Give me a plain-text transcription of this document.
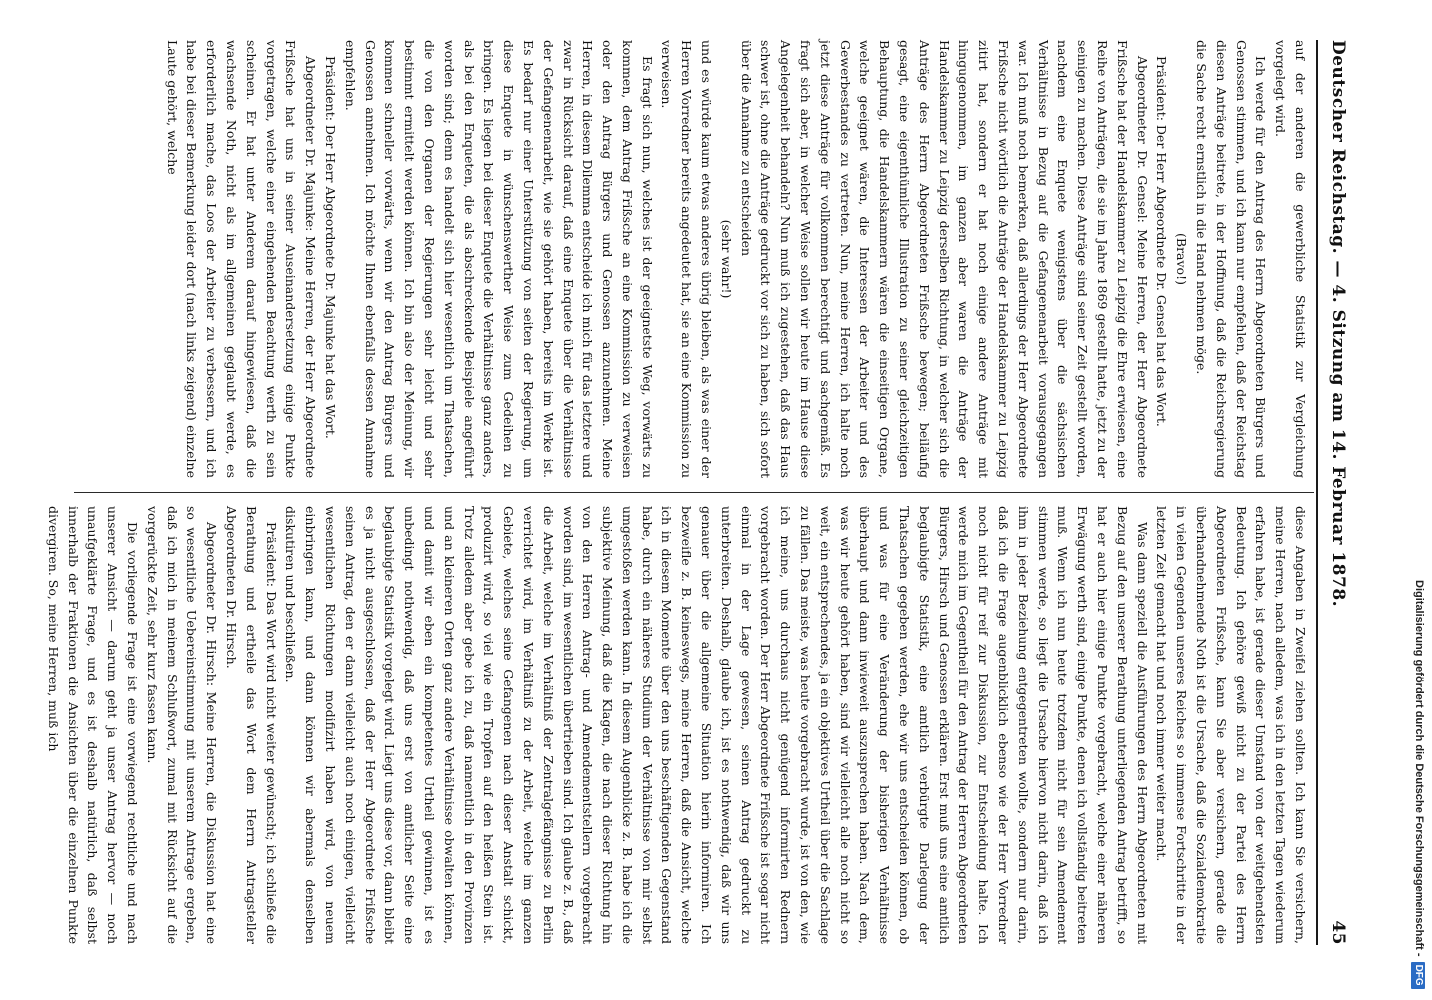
Deutscher Reichstag. — 4. Sitzung am 14. Februar 1878.
45

auf der anderen die gewerbliche Statistik zur Vergleichung vorgelegt wird.

Ich werde für den Antrag des Herrn Abgeordneten Bürgers und Genossen stimmen, und ich kann nur empfehlen, daß der Reichstag diesen Anträge beitrete, in der Hoffnung, daß die Reichsregierung die Sache recht ernstlich in die Hand nehmen möge.

(Bravo!)

Präsident: Der Herr Abgeordnete Dr. Gensel hat das Wort.

Abgeordneter Dr. Gensel: Meine Herren, der Herr Abgeordnete Frißsche hat der Handelskammer zu Leipzig die Ehre erwiesen, eine Reihe von Anträgen, die sie im Jahre 1869 gestellt hatte, jetzt zu der seinigen zu machen. Diese Anträge sind seiner Zeit gestellt worden, nachdem eine Enquete wenigstens über die sächsischen Verhältnisse in Bezug auf die Gefangenenarbeit vorausgegangen war. Ich muß noch bemerken, daß allerdings der Herr Abgeordnete Frißsche nicht wörtlich die Anträge der Handelskammer zu Leipzig zitirt hat, sondern er hat noch einige andere Anträge mit hingugenommen, im ganzen aber waren die Anträge der Handelskammer zu Leipzig derselben Richtung, in welcher sich die Anträge des Herrn Abgeordneten Frißsche bewegen; beiläufig gesagt, eine eigenthümliche Illustration zu seiner gleichzeitigen Behauptung, die Handelskammern wären die einseitigen Organe, welche geeignet wären, die Interessen der Arbeiter und des Gewerbestandes zu vertreten. Nun, meine Herren, ich halte noch jetzt diese Anträge für vollkommen berechtigt und sachgemäß. Es fragt sich aber, in welcher Weise sollen wir heute im Hause diese Angelegenheit behandeln? Nun muß ich zugestehen, daß das Haus schwer ist, ohne die Anträge gedruckt vor sich zu haben, sich sofort über die Annahme zu entscheiden

(sehr wahr!)

und es würde kaum etwas anderes übrig bleiben, als was einer der Herren Vorredner bereits angedeutet hat, sie an eine Kommission zu verweisen.

Es fragt sich nun, welches ist der geeignetste Weg, vorwärts zu kommen, dem Antrag Frißsche an eine Kommission zu verweisen oder den Antrag Bürgers und Genossen anzunehmen. Meine Herren, in diesem Dilemma entscheide ich mich für das letztere und zwar in Rücksicht darauf, daß eine Enquete über die Verhältnisse der Gefangenenarbeit, wie sie gehört haben, bereits im Werke ist. Es bedarf nur einer Unterstützung von seiten der Regierung, um diese Enquete in wünschenswerther Weise zum Gedeihen zu bringen. Es liegen bei dieser Enquete die Verhältnisse ganz anders, als bei den Enqueten, die als abschreckende Beispiele angeführt worden sind; denn es handelt sich hier wesentlich um Thatsachen, die von den Organen der Regierungen sehr leicht und sehr bestimmt ermittelt werden können. Ich bin also der Meinung, wir kommen schneller vorwärts, wenn wir den Antrag Bürgers und Genossen annehmen. Ich möchte Ihnen ebenfalls dessen Annahme empfehlen.

Präsident: Der Herr Abgeordnete Dr. Majunke hat das Wort.

Abgeordneter Dr. Majunke: Meine Herren, der Herr Abgeordnete Frißsche hat uns in seiner Auseinandersetzung einige Punkte vorgetragen, welche einer eingehenden Beachtung werth zu sein scheinen. Er hat unter Anderem darauf hingewiesen, daß die wachsende Noth, nicht als im allgemeinen geglaubt werde, es erforderlich mache, das Loos der Arbeiter zu verbessern, und ich habe bei dieser Bemerkung leider dort (nach links zeigend) einzelne Laute gehört, welche

diese Angaben in Zweifel ziehen sollten. Ich kann Sie versichern, meine Herren, nach alledem, was ich in den letzten Tagen wiederum erfahren habe, ist gerade dieser Umstand von der weitgehendsten Bedeutung. Ich gehöre gewiß nicht zu der Partei des Herrn Abgeordneten Frißsche, kann Sie aber versichern, gerade die überhandnehmende Noth ist die Ursache, daß die Sozialdemokratie in vielen Gegenden unseres Reiches so immense Fortschritte in der letzten Zeit gemacht hat und noch immer weiter macht.

Was dann speziell die Ausführungen des Herrn Abgeordneten mit Bezug auf den unserer Berathung unterliegenden Antrag betrifft, so hat er auch hier einige Punkte vorgebracht, welche einer näheren Erwägung werth sind, einige Punkte, denen ich vollständig beitreten muß. Wenn ich nun heute trotzdem nicht für sein Amendement stimmen werde, so liegt die Ursache hiervon nicht darin, daß ich ihm in jeder Beziehung entgegentreten wollte, sondern nur darin, daß ich die Frage augenblicklich ebenso wie der Herr Vorredner noch nicht für reif zur Diskussion, zur Entscheidung halte. Ich werde mich im Gegentheil für den Antrag der Herren Abgeordneten Bürgers, Hirsch und Genossen erklären. Erst muß uns eine amtlich beglaubigte Statistik, eine amtlich verbürgte Darlegung der Thatsachen gegeben werden, ehe wir uns entscheiden können, ob und was für eine Veränderung der bisherigen Verhältnisse überhaupt und dann inwieweit auszusprechen haben. Nach dem, was wir heute gehört haben, sind wir vielleicht alle noch nicht so weit, ein entsprechendes, ja ein objektives Urtheil über die Sachlage zu fällen. Das meiste, was heute vorgebracht wurde, ist von den, wie ich meine, uns durchaus nicht genügend informirten Rednern vorgebracht worden. Der Herr Abgeordnete Frißsche ist sogar nicht einmal in der Lage gewesen, seinen Antrag gedruckt zu unterbreiten. Deshalb, glaube ich, ist es nothwendig, daß wir uns genauer über die allgemeine Situation hierin informiren. Ich bezweifle z. B. keineswegs, meine Herren, daß die Ansicht, welche ich in diesem Momente über den uns beschäftigenden Gegenstand habe, durch ein näheres Studium der Verhältnisse von mir selbst umgestoßen werden kann. In diesem Augenblicke z. B. habe ich die subjektive Meinung, daß die Klagen, die nach dieser Richtung hin von den Herren Antrag- und Amendementstellern vorgebracht worden sind, im wesentlichen übertrieben sind. Ich glaube z. B., daß die Arbeit, welche im Verhältniß der Zentralgefängnisse zu Berlin verrichtet wird, im Verhältniß zu der Arbeit, welche im ganzen Gebiete, welches seine Gefangenen nach dieser Anstalt schickt, produzirt wird, so viel wie ein Tropfen auf den heißen Stein ist. Trotz alledem aber gebe ich zu, daß namentlich in den Provinzen und an kleineren Orten ganz andere Verhältnisse obwalten können, und damit wir eben ein kompetentes Urtheil gewinnen, ist es unbedingt nothwendig, daß uns erst von amtlicher Seite eine beglaubigte Statistik vorgelegt wird. Liegt uns diese vor, dann bleibt es ja nicht ausgeschlossen, daß der Herr Abgeordnete Frißsche seinen Antrag, den er dann vielleicht auch noch einigen, vielleicht wesentlichen Richtungen modifizirt haben wird, von neuem einbringen kann, und dann können wir abermals denselben diskutiren und beschließen.

Präsident: Das Wort wird nicht weiter gewünscht; ich schließe die Berathung und ertheile das Wort dem Herrn Antragsteller Abgeordneten Dr. Hirsch.

Abgeordneter Dr. Hirsch: Meine Herren, die Diskussion hat eine so wesentliche Uebereinstimmung mit unserem Antrage ergeben, daß ich mich in meinem Schlußwort, zumal mit Rücksicht auf die vorgerückte Zeit, sehr kurz fassen kann.

Die vorliegende Frage ist eine vorwiegend rechtliche und nach unserer Ansicht — darum geht ja unser Antrag hervor — noch unaufgeklärte Frage, und es ist deshalb natürlich, daß selbst innerhalb der Fraktionen die Ansichten über die einzelnen Punkte divergiren. So, meine Herren, muß ich	Digitalisierung gefördert durch die Deutsche Forschungsgemeinschaft - DFG
